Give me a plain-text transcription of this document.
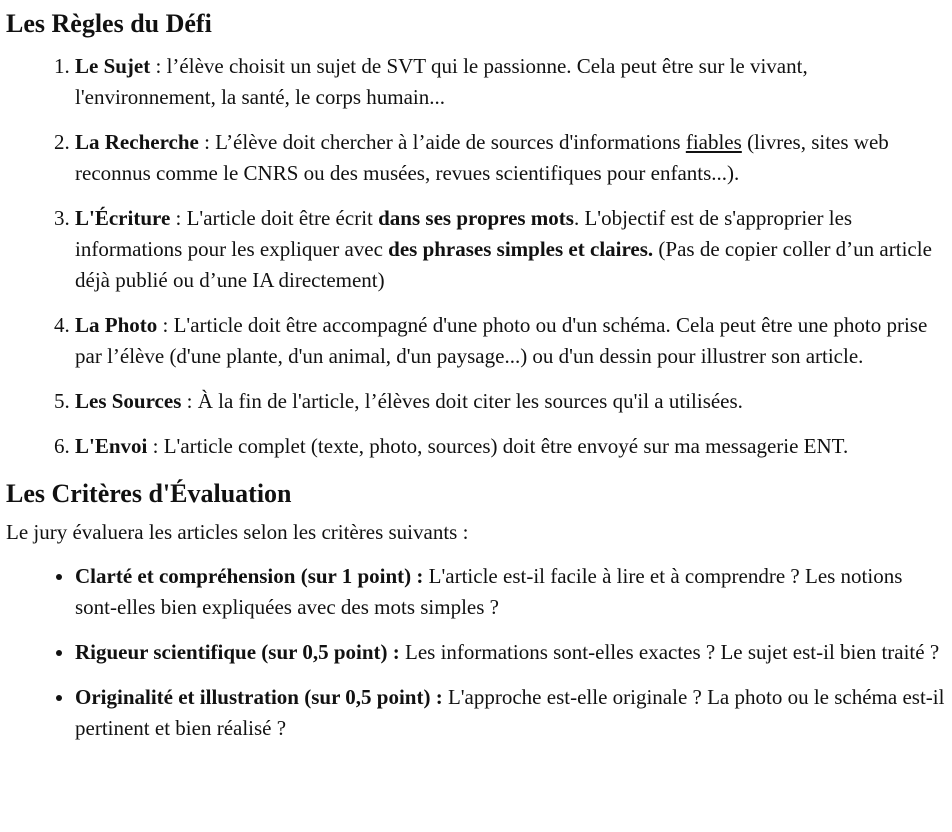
Les Règles du Défi
1. Le Sujet : l’élève choisit un sujet de SVT qui le passionne. Cela peut être sur le vivant, l'environnement, la santé, le corps humain...
2. La Recherche : L’élève doit chercher à l’aide de sources d'informations fiables (livres, sites web reconnus comme le CNRS ou des musées, revues scientifiques pour enfants...).
3. L'Écriture : L'article doit être écrit dans ses propres mots. L'objectif est de s'approprier les informations pour les expliquer avec des phrases simples et claires. (Pas de copier coller d’un article déjà publié ou d’une IA directement)
4. La Photo : L'article doit être accompagné d'une photo ou d'un schéma. Cela peut être une photo prise par l’élève (d'une plante, d'un animal, d'un paysage...) ou d'un dessin pour illustrer son article.
5. Les Sources : À la fin de l'article, l’élèves doit citer les sources qu'il a utilisées.
6. L'Envoi : L'article complet (texte, photo, sources) doit être envoyé sur ma messagerie ENT.
Les Critères d'Évaluation

Le jury évaluera les articles selon les critères suivants :

• Clarté et compréhension (sur 1 point) : L'article est-il facile à lire et à comprendre ? Les notions sont-elles bien expliquées avec des mots simples ?
• Rigueur scientifique (sur 0,5 point) : Les informations sont-elles exactes ? Le sujet est-il bien traité ?
• Originalité et illustration (sur 0,5 point) : L'approche est-elle originale ? La photo ou le schéma est-il pertinent et bien réalisé ?
